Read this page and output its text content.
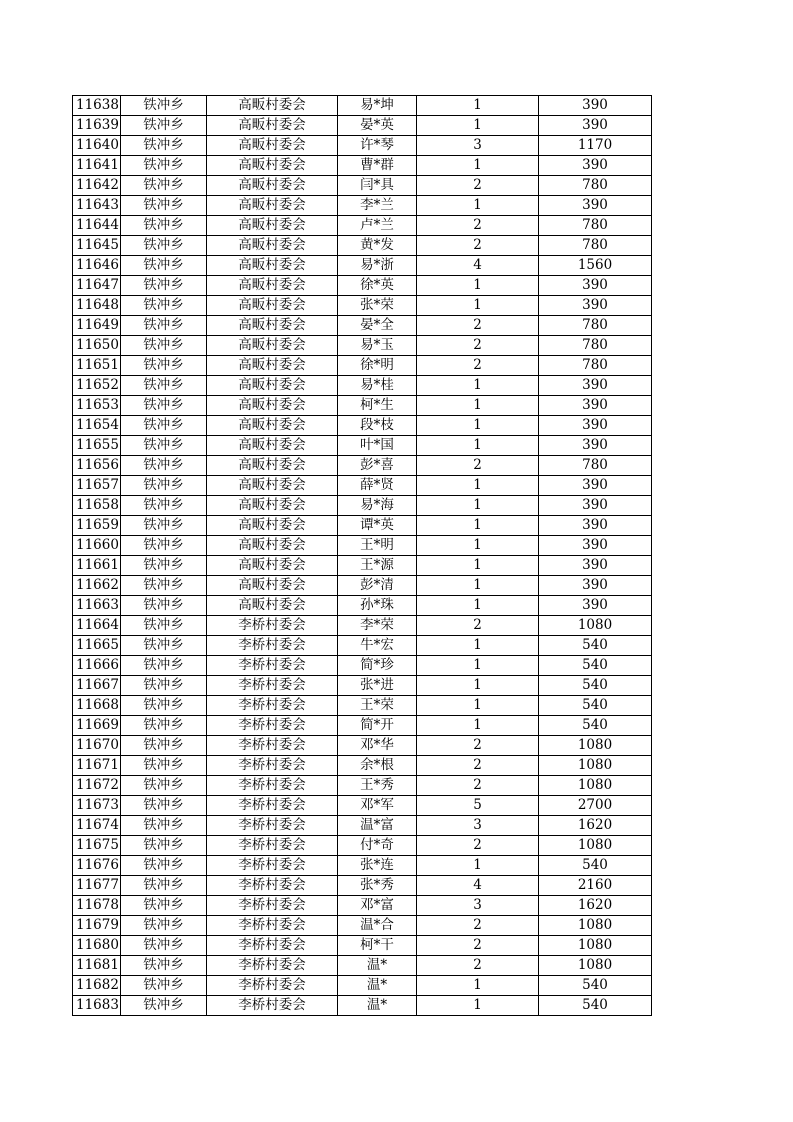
11638	铁冲乡	高畈村委会	易*坤	1	390
11639	铁冲乡	高畈村委会	晏*英	1	390
11640	铁冲乡	高畈村委会	许*琴	3	1170
11641	铁冲乡	高畈村委会	曹*群	1	390
11642	铁冲乡	高畈村委会	闫*具	2	780
11643	铁冲乡	高畈村委会	李*兰	1	390
11644	铁冲乡	高畈村委会	卢*兰	2	780
11645	铁冲乡	高畈村委会	黄*发	2	780
11646	铁冲乡	高畈村委会	易*浙	4	1560
11647	铁冲乡	高畈村委会	徐*英	1	390
11648	铁冲乡	高畈村委会	张*荣	1	390
11649	铁冲乡	高畈村委会	晏*全	2	780
11650	铁冲乡	高畈村委会	易*玉	2	780
11651	铁冲乡	高畈村委会	徐*明	2	780
11652	铁冲乡	高畈村委会	易*桂	1	390
11653	铁冲乡	高畈村委会	柯*生	1	390
11654	铁冲乡	高畈村委会	段*枝	1	390
11655	铁冲乡	高畈村委会	叶*国	1	390
11656	铁冲乡	高畈村委会	彭*喜	2	780
11657	铁冲乡	高畈村委会	薛*贤	1	390
11658	铁冲乡	高畈村委会	易*海	1	390
11659	铁冲乡	高畈村委会	谭*英	1	390
11660	铁冲乡	高畈村委会	王*明	1	390
11661	铁冲乡	高畈村委会	王*源	1	390
11662	铁冲乡	高畈村委会	彭*清	1	390
11663	铁冲乡	高畈村委会	孙*珠	1	390
11664	铁冲乡	李桥村委会	李*荣	2	1080
11665	铁冲乡	李桥村委会	牛*宏	1	540
11666	铁冲乡	李桥村委会	简*珍	1	540
11667	铁冲乡	李桥村委会	张*进	1	540
11668	铁冲乡	李桥村委会	王*荣	1	540
11669	铁冲乡	李桥村委会	简*开	1	540
11670	铁冲乡	李桥村委会	邓*华	2	1080
11671	铁冲乡	李桥村委会	余*根	2	1080
11672	铁冲乡	李桥村委会	王*秀	2	1080
11673	铁冲乡	李桥村委会	邓*军	5	2700
11674	铁冲乡	李桥村委会	温*富	3	1620
11675	铁冲乡	李桥村委会	付*奇	2	1080
11676	铁冲乡	李桥村委会	张*连	1	540
11677	铁冲乡	李桥村委会	张*秀	4	2160
11678	铁冲乡	李桥村委会	邓*富	3	1620
11679	铁冲乡	李桥村委会	温*合	2	1080
11680	铁冲乡	李桥村委会	柯*干	2	1080
11681	铁冲乡	李桥村委会	温*	2	1080
11682	铁冲乡	李桥村委会	温*	1	540
11683	铁冲乡	李桥村委会	温*	1	540
